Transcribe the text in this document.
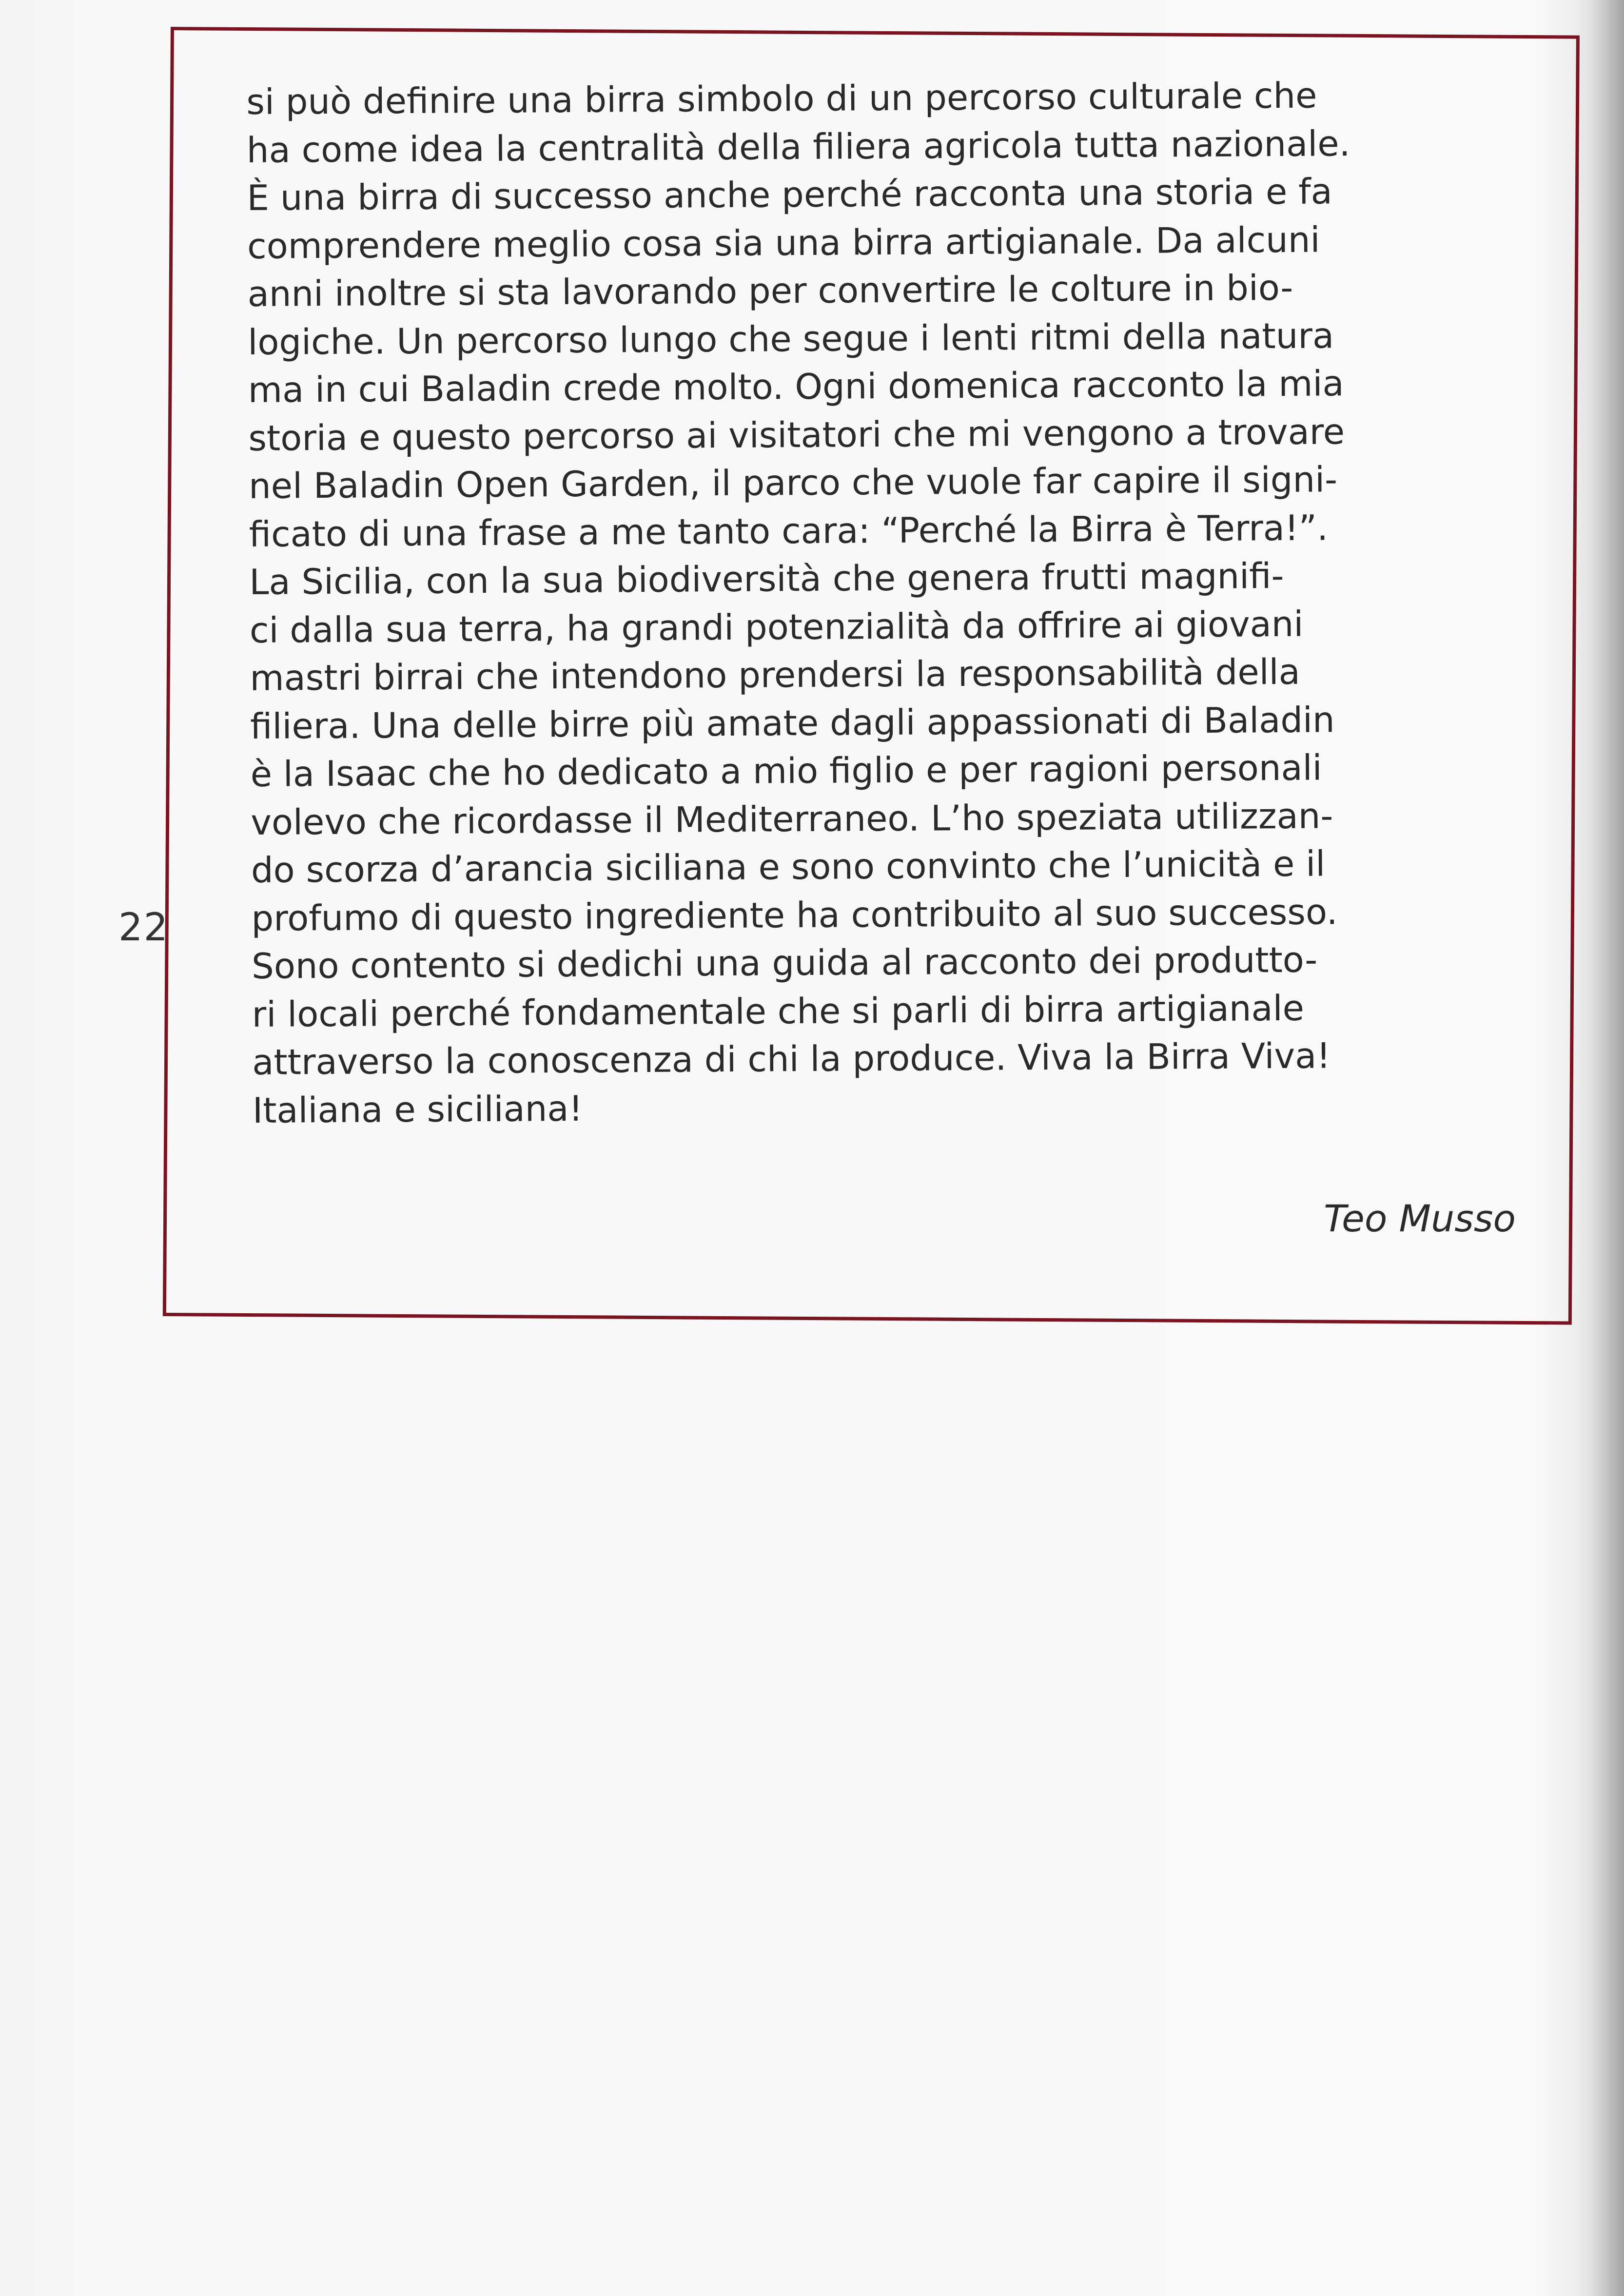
22
si può definire una birra simbolo di un percorso culturale che
ha come idea la centralità della filiera agricola tutta nazionale.
È una birra di successo anche perché racconta una storia e fa
comprendere meglio cosa sia una birra artigianale. Da alcuni
anni inoltre si sta lavorando per convertire le colture in bio-
logiche. Un percorso lungo che segue i lenti ritmi della natura
ma in cui Baladin crede molto. Ogni domenica racconto la mia
storia e questo percorso ai visitatori che mi vengono a trovare
nel Baladin Open Garden, il parco che vuole far capire il signi-
ficato di una frase a me tanto cara: “Perché la Birra è Terra!”.
La Sicilia, con la sua biodiversità che genera frutti magnifi-
ci dalla sua terra, ha grandi potenzialità da offrire ai giovani
mastri birrai che intendono prendersi la responsabilità della
filiera. Una delle birre più amate dagli appassionati di Baladin
è la Isaac che ho dedicato a mio figlio e per ragioni personali
volevo che ricordasse il Mediterraneo. L’ho speziata utilizzan-
do scorza d’arancia siciliana e sono convinto che l’unicità e il
profumo di questo ingrediente ha contribuito al suo successo.
Sono contento si dedichi una guida al racconto dei produtto-
ri locali perché fondamentale che si parli di birra artigianale
attraverso la conoscenza di chi la produce. Viva la Birra Viva!
Italiana e siciliana!
Teo Musso
